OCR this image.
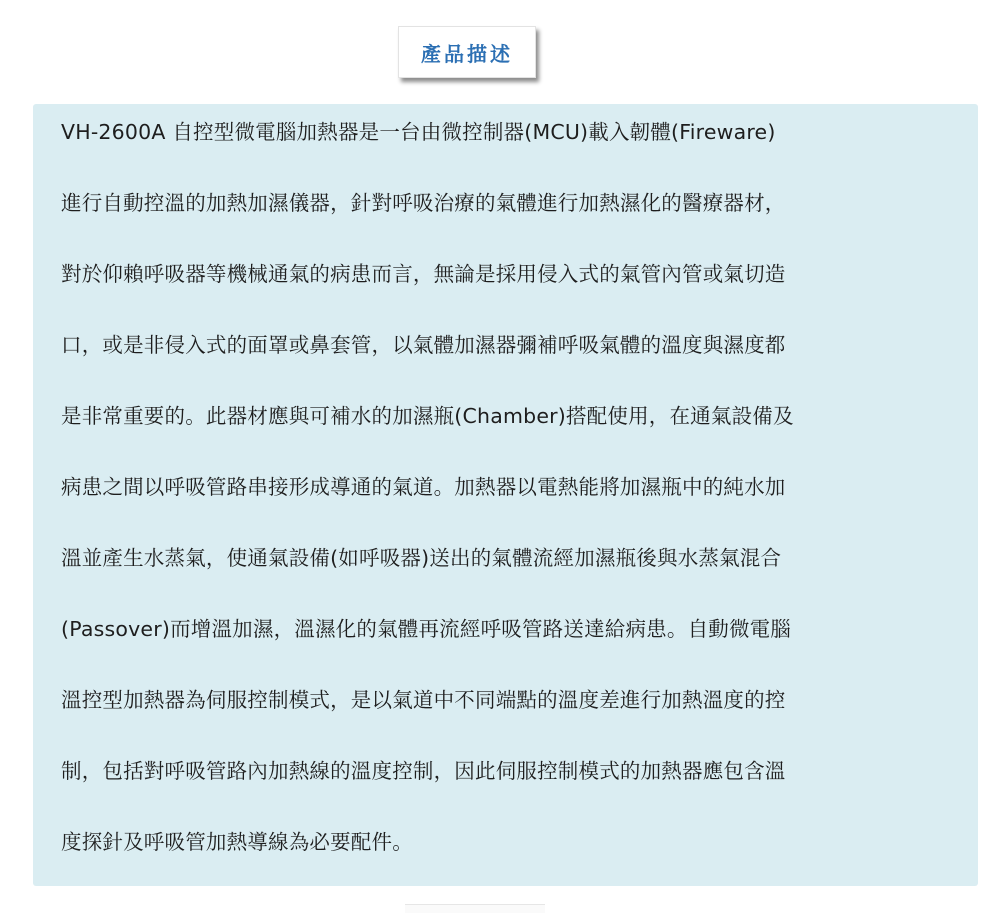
產品描述
VH-2600A 自控型微電腦加熱器是一台由微控制器(MCU)載入韌體(Fireware)
進行自動控溫的加熱加濕儀器，針對呼吸治療的氣體進行加熱濕化的醫療器材，
對於仰賴呼吸器等機械通氣的病患而言，無論是採用侵入式的氣管內管或氣切造
口，或是非侵入式的面罩或鼻套管，以氣體加濕器彌補呼吸氣體的溫度與濕度都
是非常重要的。此器材應與可補水的加濕瓶(Chamber)搭配使用，在通氣設備及
病患之間以呼吸管路串接形成導通的氣道。加熱器以電熱能將加濕瓶中的純水加
溫並產生水蒸氣，使通氣設備(如呼吸器)送出的氣體流經加濕瓶後與水蒸氣混合
(Passover)而增溫加濕，溫濕化的氣體再流經呼吸管路送達給病患。自動微電腦
溫控型加熱器為伺服控制模式，是以氣道中不同端點的溫度差進行加熱溫度的控
制，包括對呼吸管路內加熱線的溫度控制，因此伺服控制模式的加熱器應包含溫
度探針及呼吸管加熱導線為必要配件。
